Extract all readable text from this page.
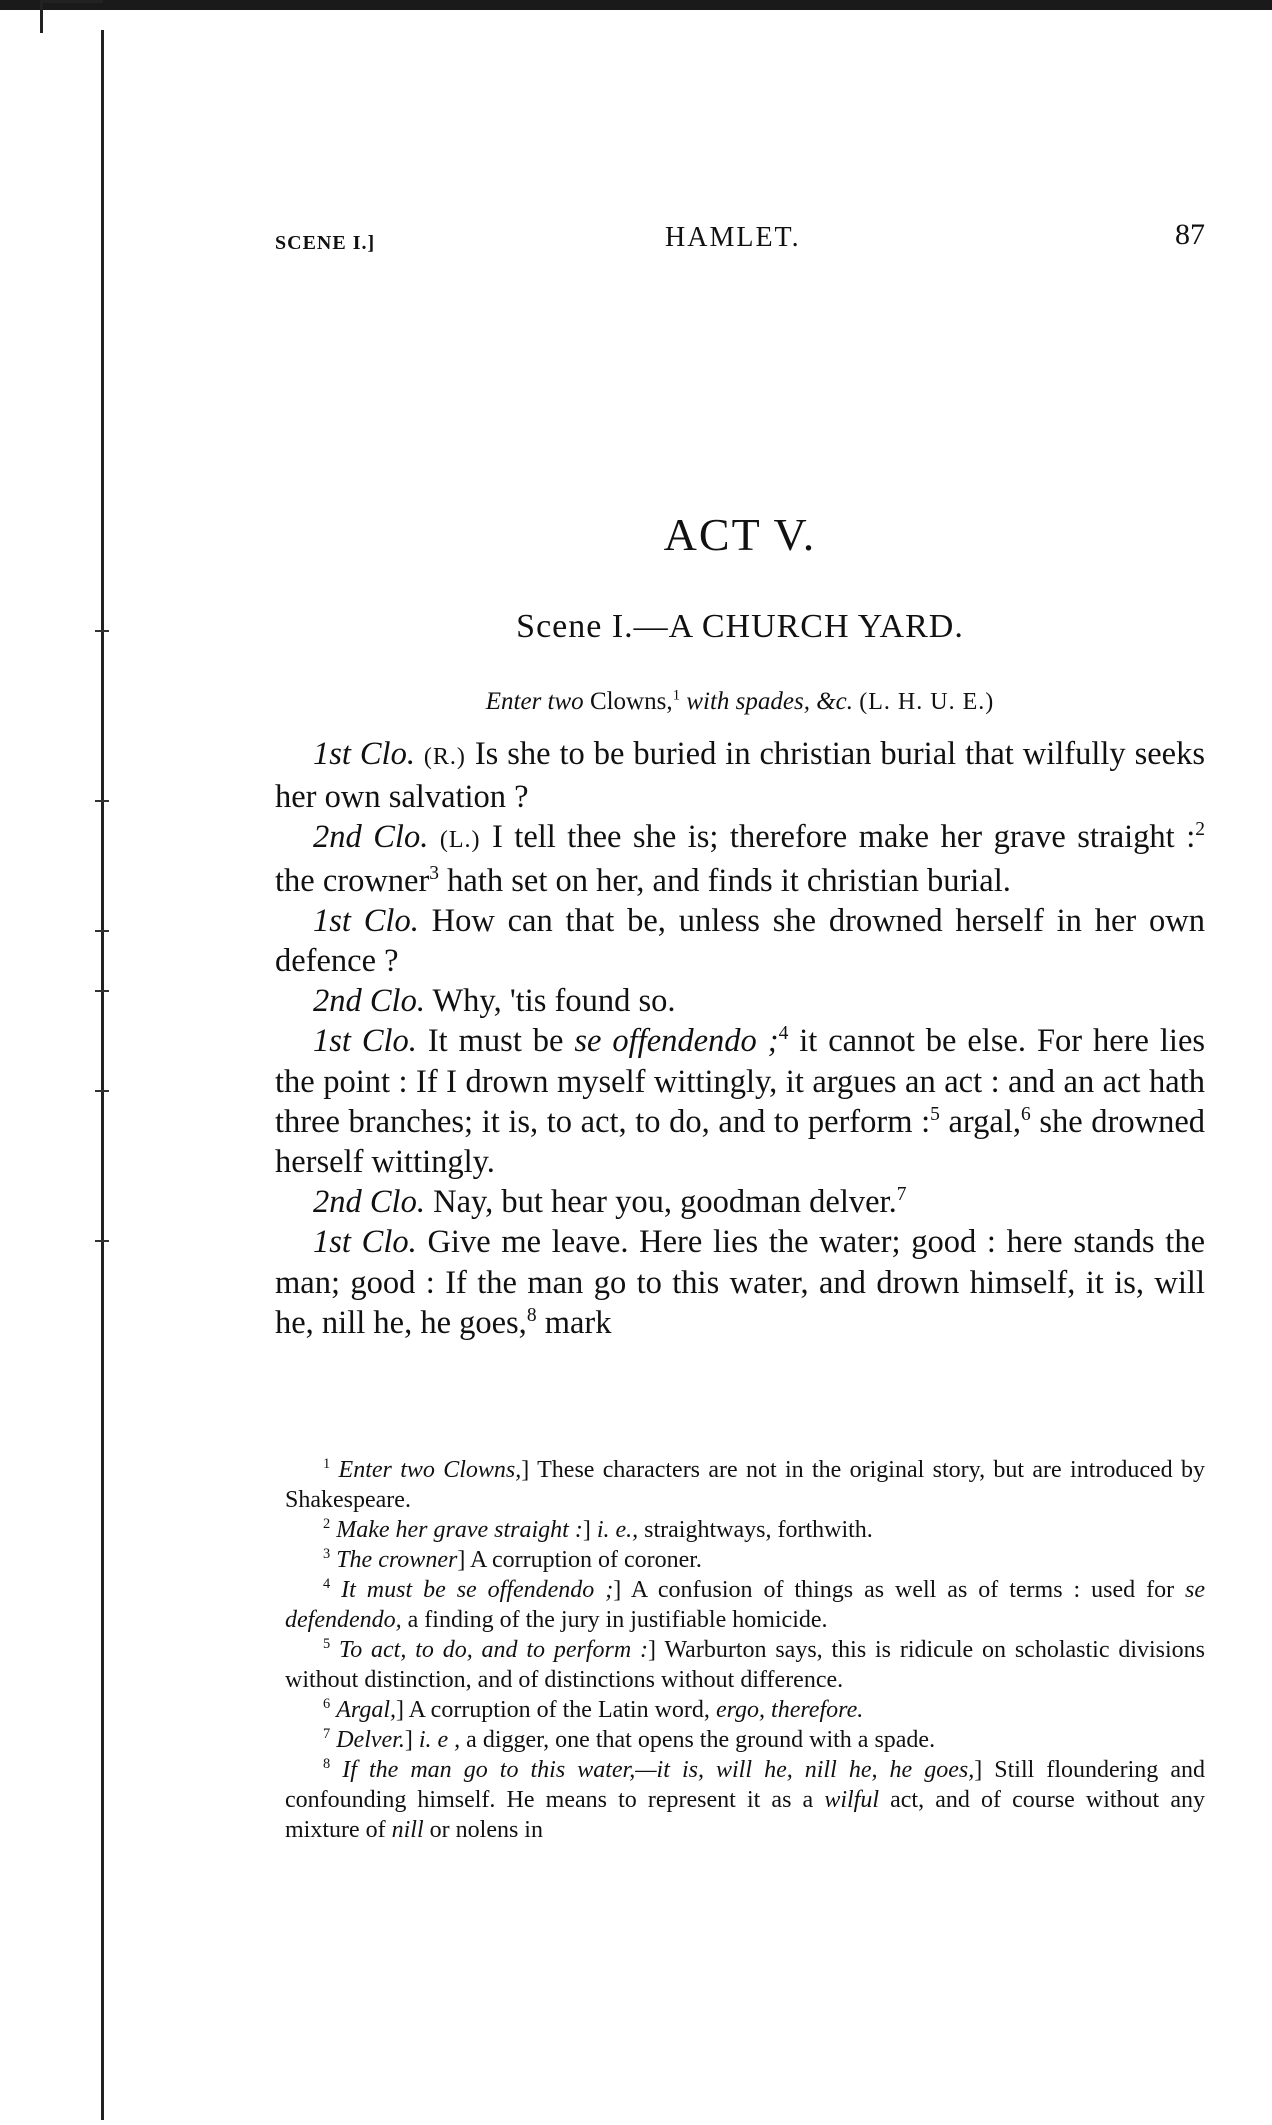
SCENE I.]	HAMLET.	87
ACT V.
Scene I.—A CHURCH YARD.
Enter two Clowns,$^1$ with spades, &c. (L. H. U. E.)

1st Clo. (R.) Is she to be buried in christian burial that wilfully seeks her own salvation ?

2nd Clo. (L.) I tell thee she is; therefore make her grave straight :$^2$ the crowner$^3$ hath set on her, and finds it christian burial.

1st Clo. How can that be, unless she drowned herself in her own defence ?

2nd Clo. Why, 'tis found so.

1st Clo. It must be se offendendo ;$^4$ it cannot be else. For here lies the point : If I drown myself wittingly, it argues an act : and an act hath three branches; it is, to act, to do, and to perform :$^5$ argal,$^6$ she drowned herself wittingly.

2nd Clo. Nay, but hear you, goodman delver.$^7$

1st Clo. Give me leave. Here lies the water; good : here stands the man; good : If the man go to this water, and drown himself, it is, will he, nill he, he goes,$^8$ mark

$^1$ Enter two Clowns,] These characters are not in the original story, but are introduced by Shakespeare.

$^2$ Make her grave straight :] i. e., straightways, forthwith.

$^3$ The crowner] A corruption of coroner.

$^4$ It must be se offendendo ;] A confusion of things as well as of terms : used for se defendendo, a finding of the jury in justifiable homicide.

$^5$ To act, to do, and to perform :] Warburton says, this is ridicule on scholastic divisions without distinction, and of distinctions without difference.

$^6$ Argal,] A corruption of the Latin word, ergo, therefore.

$^7$ Delver.] i. e , a digger, one that opens the ground with a spade.

$^8$ If the man go to this water,—it is, will he, nill he, he goes,] Still floundering and confounding himself. He means to represent it as a wilful act, and of course without any mixture of nill or nolens in
